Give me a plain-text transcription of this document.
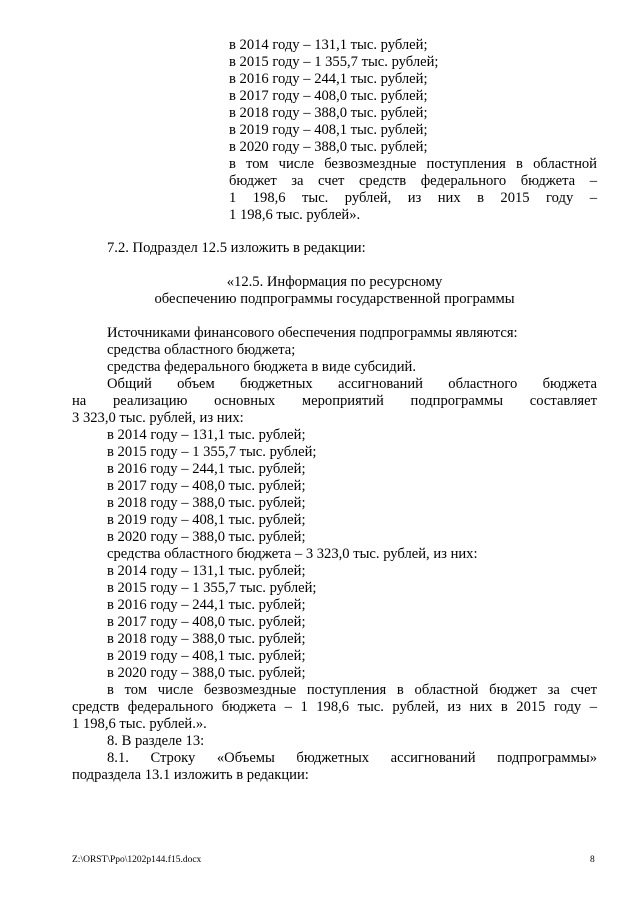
в 2014 году – 131,1 тыс. рублей;
в 2015 году – 1 355,7 тыс. рублей;
в 2016 году – 244,1 тыс. рублей;
в 2017 году – 408,0 тыс. рублей;
в 2018 году – 388,0 тыс. рублей;
в 2019 году – 408,1 тыс. рублей;
в 2020 году – 388,0 тыс. рублей;
в том числе безвозмездные поступления в областной
бюджет за счет средств федерального бюджета –
1 198,6 тыс. рублей, из них в 2015 году –
1 198,6 тыс. рублей».
7.2. Подраздел 12.5 изложить в редакции:
«12.5. Информация по ресурсному
обеспечению подпрограммы государственной программы
Источниками финансового обеспечения подпрограммы являются:
средства областного бюджета;
средства федерального бюджета в виде субсидий.
Общий объем бюджетных ассигнований областного бюджета
на реализацию основных мероприятий подпрограммы составляет
3 323,0 тыс. рублей, из них:
в 2014 году – 131,1 тыс. рублей;
в 2015 году – 1 355,7 тыс. рублей;
в 2016 году – 244,1 тыс. рублей;
в 2017 году – 408,0 тыс. рублей;
в 2018 году – 388,0 тыс. рублей;
в 2019 году – 408,1 тыс. рублей;
в 2020 году – 388,0 тыс. рублей;
средства областного бюджета – 3 323,0 тыс. рублей, из них:
в 2014 году – 131,1 тыс. рублей;
в 2015 году – 1 355,7 тыс. рублей;
в 2016 году – 244,1 тыс. рублей;
в 2017 году – 408,0 тыс. рублей;
в 2018 году – 388,0 тыс. рублей;
в 2019 году – 408,1 тыс. рублей;
в 2020 году – 388,0 тыс. рублей;
в том числе безвозмездные поступления в областной бюджет за счет
средств федерального бюджета – 1 198,6 тыс. рублей, из них в 2015 году –
1 198,6 тыс. рублей.».
8. В разделе 13:
8.1. Строку «Объемы бюджетных ассигнований подпрограммы»
подраздела 13.1 изложить в редакции:
Z:\ORST\Ppo\1202p144.f15.docx	8
